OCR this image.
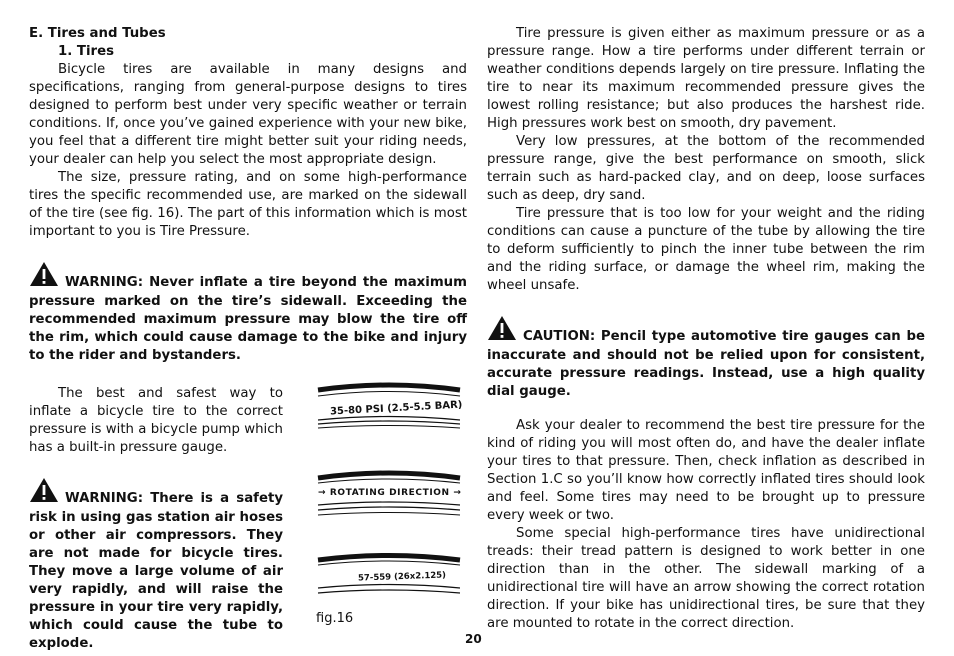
E. Tires and Tubes
1. Tires

Bicycle tires are available in many designs and specifications, ranging from general-purpose designs to tires designed to perform best under very specific weather or terrain conditions. If, once you’ve gained experience with your new bike, you feel that a different tire might better suit your riding needs, your dealer can help you select the most appropriate design.

The size, pressure rating, and on some high-performance tires the specific recommended use, are marked on the sidewall of the tire (see fig. 16). The part of this information which is most important to you is Tire Pressure.

WARNING: Never inflate a tire beyond the maximum pressure marked on the tire’s sidewall. Exceeding the recommended maximum pressure may blow the tire off the rim, which could cause damage to the bike and injury to the rider and bystanders.

The best and safest way to inflate a bicycle tire to the correct pressure is with a bicycle pump which has a built-in pressure gauge.

WARNING: There is a safety risk in using gas station air hoses or other air compressors. They are not made for bicycle tires. They move a large volume of air very rapidly, and will raise the pressure in your tire very rapidly, which could cause the tube to explode.

35-80 PSI (2.5-5.5 BAR)
→ ROTATING DIRECTION →
57-559 (26x2.125)
fig.16

Tire pressure is given either as maximum pressure or as a pressure range. How a tire performs under different terrain or weather conditions depends largely on tire pressure. Inflating the tire to near its maximum recommended pressure gives the lowest rolling resistance; but also produces the harshest ride. High pressures work best on smooth, dry pavement.

Very low pressures, at the bottom of the recommended pressure range, give the best performance on smooth, slick terrain such as hard-packed clay, and on deep, loose surfaces such as deep, dry sand.

Tire pressure that is too low for your weight and the riding conditions can cause a puncture of the tube by allowing the tire to deform sufficiently to pinch the inner tube between the rim and the riding surface, or damage the wheel rim, making the wheel unsafe.

CAUTION: Pencil type automotive tire gauges can be inaccurate and should not be relied upon for consistent, accurate pressure readings. Instead, use a high quality dial gauge.

Ask your dealer to recommend the best tire pressure for the kind of riding you will most often do, and have the dealer inflate your tires to that pressure. Then, check inflation as described in Section 1.C so you’ll know how correctly inflated tires should look and feel. Some tires may need to be brought up to pressure every week or two.

Some special high-performance tires have unidirectional treads: their tread pattern is designed to work better in one direction than in the other. The sidewall marking of a unidirectional tire will have an arrow showing the correct rotation direction. If your bike has unidirectional tires, be sure that they are mounted to rotate in the correct direction.

20
